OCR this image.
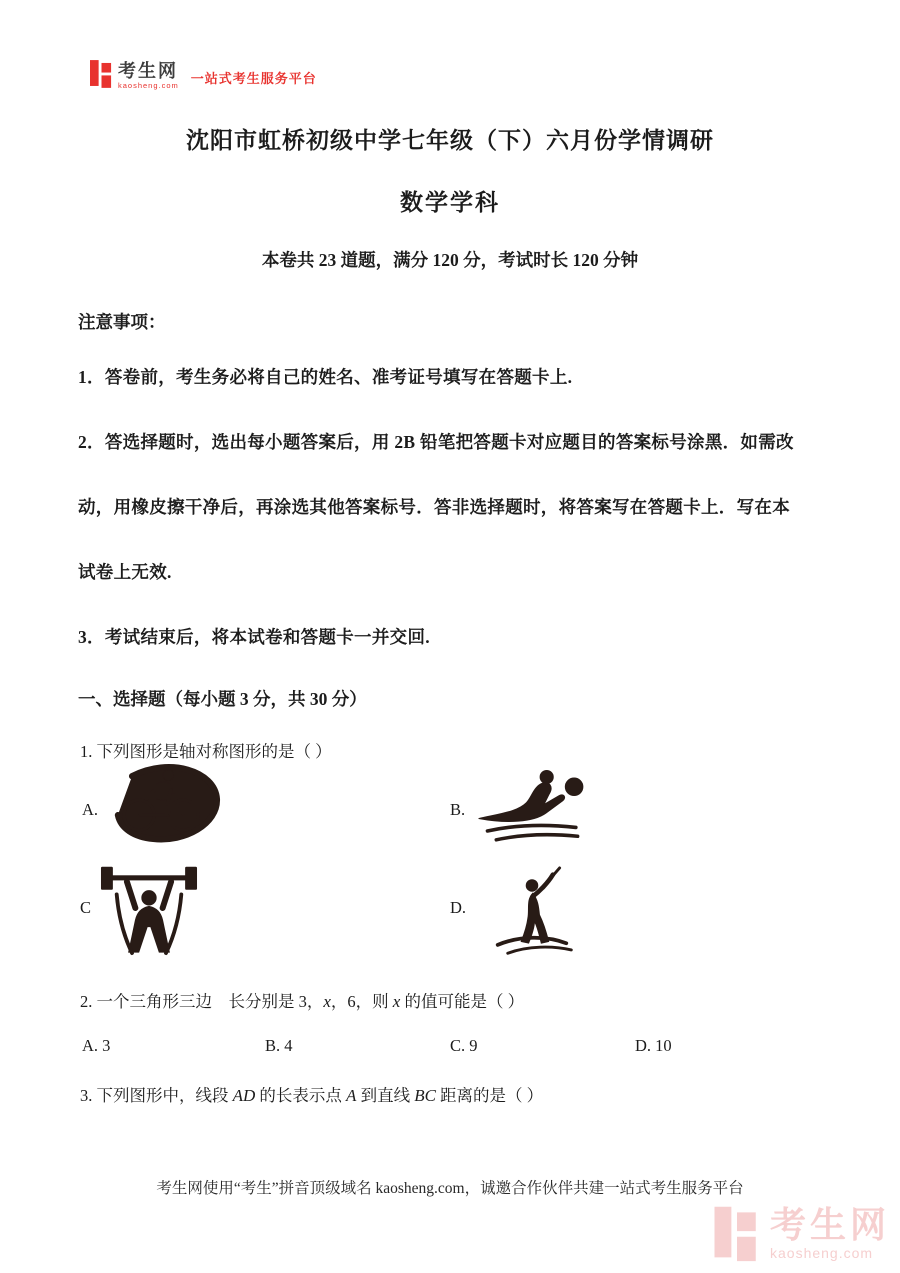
考生网
kaosheng.com 一站式考生服务平台
沈阳市虹桥初级中学七年级（下）六月份学情调研
数学学科
本卷共 23 道题，满分 120 分，考试时长 120 分钟
注意事项：
1．答卷前，考生务必将自己的姓名、准考证号填写在答题卡上.
2．答选择题时，选出每小题答案后，用 2B 铅笔把答题卡对应题目的答案标号涂黑．如需改
动，用橡皮擦干净后，再涂选其他答案标号．答非选择题时，将答案写在答题卡上．写在本
试卷上无效.
3．考试结束后，将本试卷和答题卡一并交回.
一、选择题（每小题 3 分，共 30 分）
1. 下列图形是轴对称图形的是（ ）
A.	B.
C	D.
2. 一个三角形三边　长分别是 3，x，6，则 x 的值可能是（ ）
A. 3	B. 4	C. 9	D. 10
3. 下列图形中，线段 AD 的长表示点 A 到直线 BC 距离的是（ ）
考生网使用“考生”拼音顶级域名 kaosheng.com，诚邀合作伙伴共建一站式考生服务平台
考生网
kaosheng.com
